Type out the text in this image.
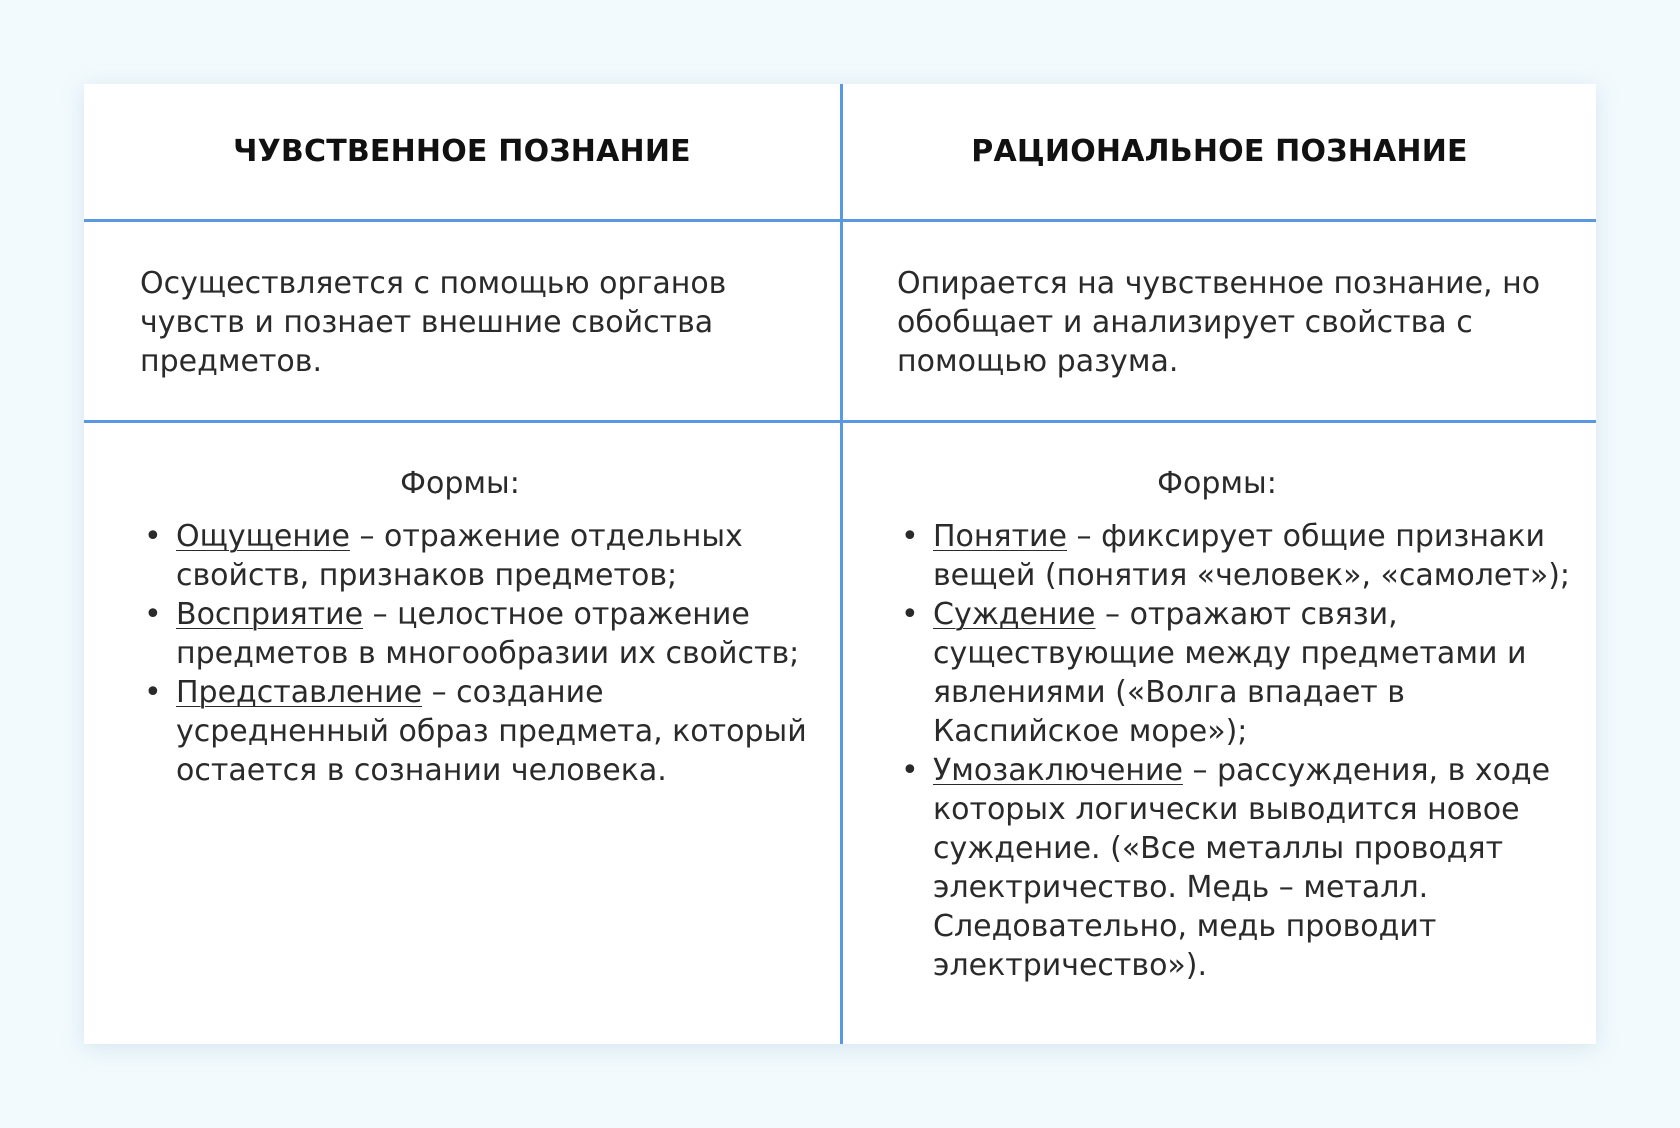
ЧУВСТВЕННОЕ ПОЗНАНИЕ	РАЦИОНАЛЬНОЕ ПОЗНАНИЕ
Осуществляется с помощью органов чувств и познает внешние свойства предметов.
Опирается на чувственное познание, но обобщает и анализирует свойства с помощью разума.
Формы:
• Ощущение – отражение отдельных свойств, признаков предметов;
• Восприятие – целостное отражение предметов в многообразии их свойств;
• Представление – создание усредненный образ предмета, который остается в сознании человека.
Формы:
• Понятие – фиксирует общие признаки вещей (понятия «человек», «самолет»);
• Суждение – отражают связи, существующие между предметами и явлениями («Волга впадает в Каспийское море»);
• Умозаключение – рассуждения, в ходе которых логически выводится новое суждение. («Все металлы проводят электричество. Медь – металл. Следовательно, медь проводит электричество»).
